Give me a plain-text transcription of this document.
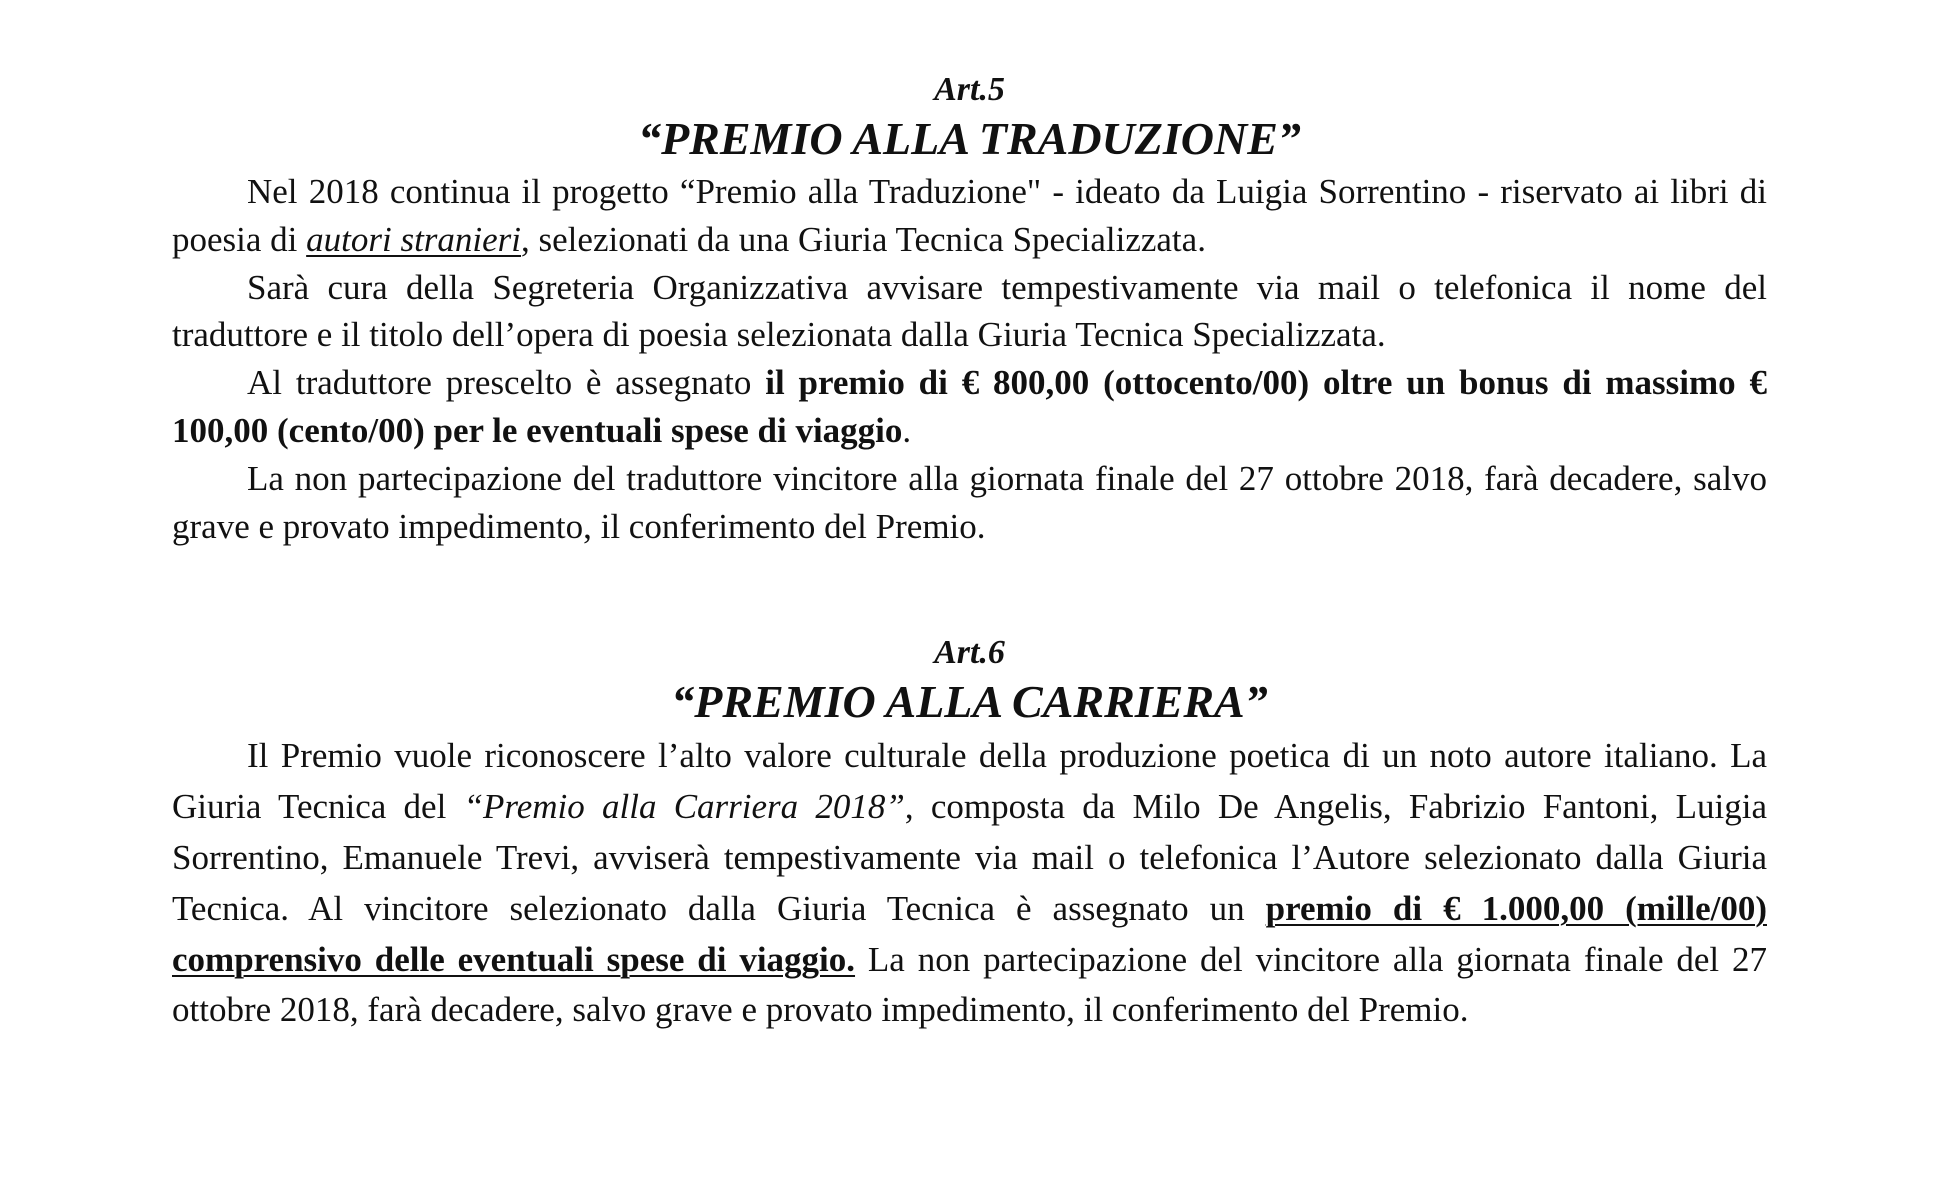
Art.5

“PREMIO ALLA TRADUZIONE”

Nel 2018 continua il progetto “Premio alla Traduzione" - ideato da Luigia Sorrentino - riservato ai libri di poesia di autori stranieri, selezionati da una Giuria Tecnica Specializzata.

Sarà cura della Segreteria Organizzativa avvisare tempestivamente via mail o telefonica il nome del traduttore e il titolo dell’opera di poesia selezionata dalla Giuria Tecnica Specializzata.

Al traduttore prescelto è assegnato il premio di € 800,00 (ottocento/00) oltre un bonus di massimo € 100,00 (cento/00) per le eventuali spese di viaggio.

La non partecipazione del traduttore vincitore alla giornata finale del 27 ottobre 2018, farà decadere, salvo grave e provato impedimento, il conferimento del Premio.

Art.6

“PREMIO ALLA CARRIERA”

Il Premio vuole riconoscere l’alto valore culturale della produzione poetica di un noto autore italiano. La Giuria Tecnica del “Premio alla Carriera 2018”, composta da Milo De Angelis, Fabrizio Fantoni, Luigia Sorrentino, Emanuele Trevi, avviserà tempestivamente via mail o telefonica l’Autore selezionato dalla Giuria Tecnica. Al vincitore selezionato dalla Giuria Tecnica è assegnato un premio di € 1.000,00 (mille/00) comprensivo delle eventuali spese di viaggio. La non partecipazione del vincitore alla giornata finale del 27 ottobre 2018, farà decadere, salvo grave e provato impedimento, il conferimento del Premio.
